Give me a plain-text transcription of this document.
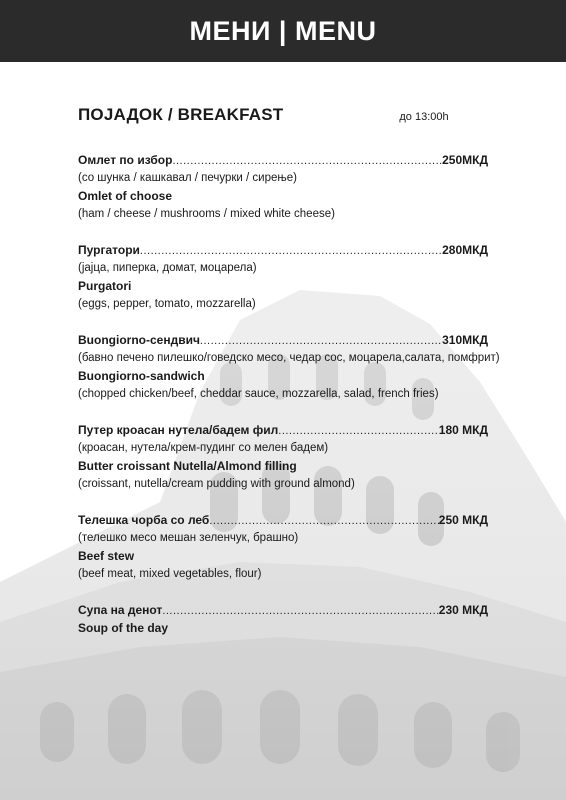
МЕНИ | MENU
ПОЈАДОК / BREAKFAST	до 13:00h
Омлет по избор .....	250МКД
(со шунка / кашкавал / печурки / сирење)
Omlet of choose
(ham / cheese / mushrooms / mixed white cheese)
Пургатори .....	280МКД
(јајца, пиперка, домат, моцарела)
Purgatori
(eggs, pepper, tomato, mozzarella)
Buongiorno-сендвич .....	310МКД
(бавно печено пилешко/говедско месо, чедар сос, моцарела,салата, помфрит)
Buongiorno-sandwich
(chopped chicken/beef, cheddar sauce, mozzarella, salad, french fries)
Путер кроасан нутела/бадем фил .....	180 МКД
(кроасан, нутела/крем-пудинг со мелен бадем)
Butter croissant Nutella/Almond filling
(croissant, nutella/cream pudding with ground almond)
Телешка чорба со леб .....	250 МКД
(телешко месо мешан зеленчук, брашно)
Beef stew
(beef meat, mixed vegetables, flour)
Супа на денот .....	230 МКД
Soup of the day
